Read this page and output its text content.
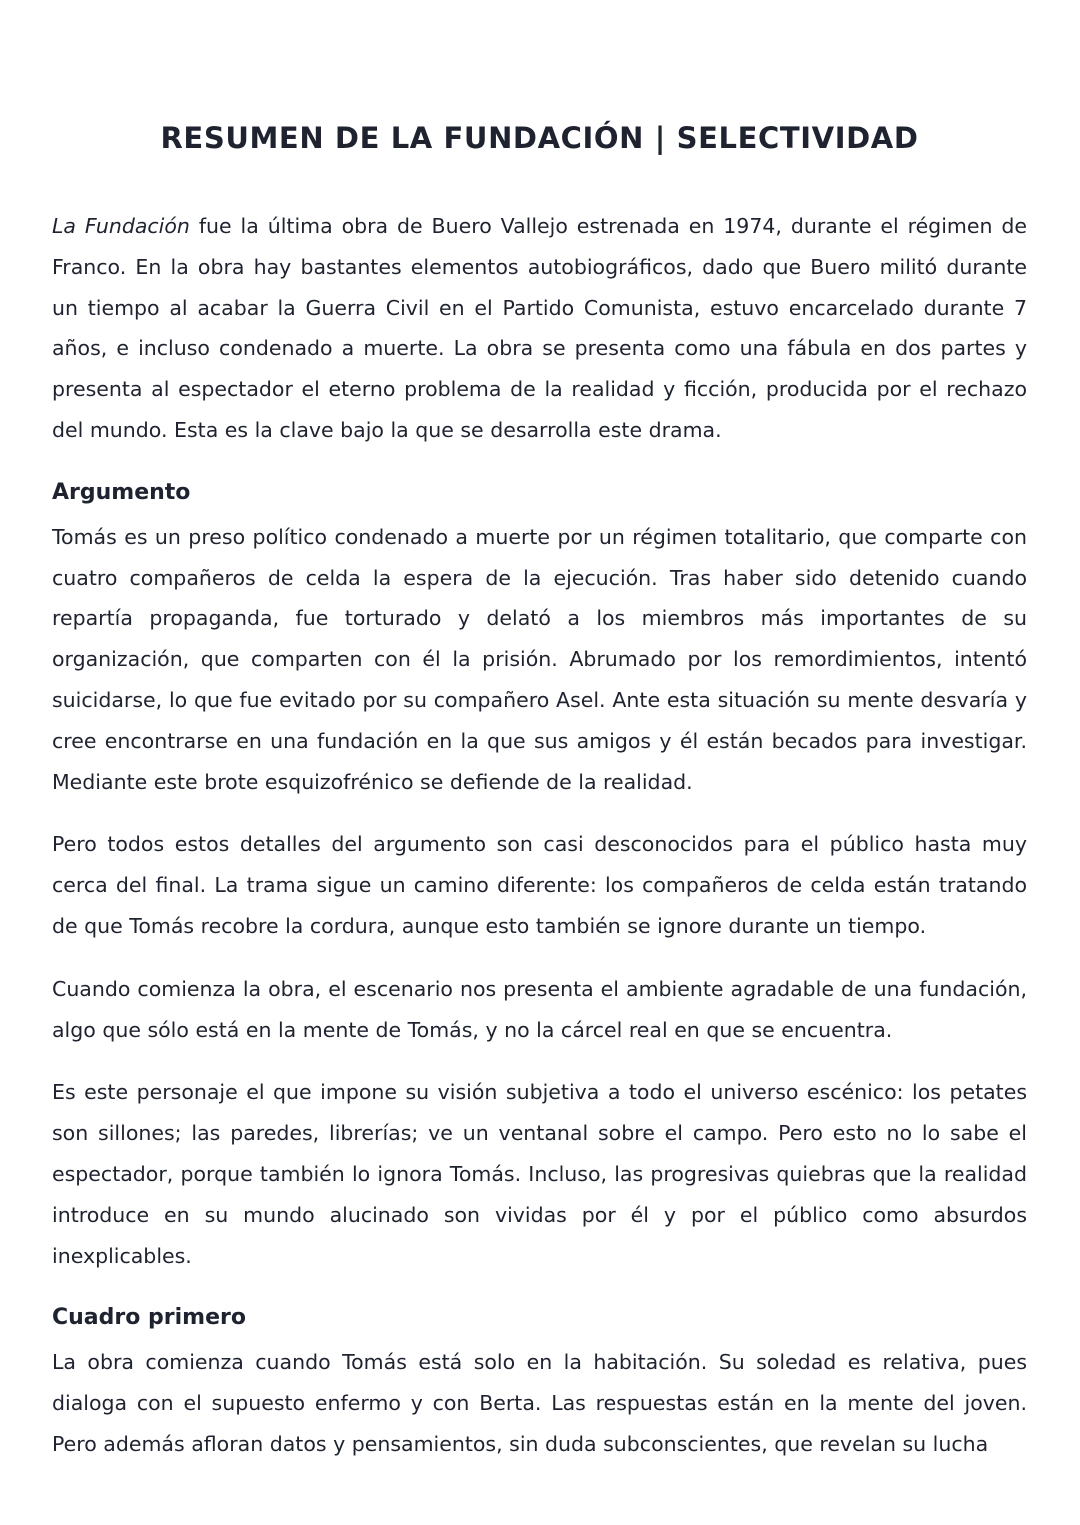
RESUMEN DE LA FUNDACIÓN | SELECTIVIDAD

La Fundación fue la última obra de Buero Vallejo estrenada en 1974, durante el régimen de Franco. En la obra hay bastantes elementos autobiográficos, dado que Buero militó durante un tiempo al acabar la Guerra Civil en el Partido Comunista, estuvo encarcelado durante 7 años, e incluso condenado a muerte. La obra se presenta como una fábula en dos partes y presenta al espectador el eterno problema de la realidad y ficción, producida por el rechazo del mundo. Esta es la clave bajo la que se desarrolla este drama.

Argumento

Tomás es un preso político condenado a muerte por un régimen totalitario, que comparte con cuatro compañeros de celda la espera de la ejecución. Tras haber sido detenido cuando repartía propaganda, fue torturado y delató a los miembros más importantes de su organización, que comparten con él la prisión. Abrumado por los remordimientos, intentó suicidarse, lo que fue evitado por su compañero Asel. Ante esta situación su mente desvaría y cree encontrarse en una fundación en la que sus amigos y él están becados para investigar. Mediante este brote esquizofrénico se defiende de la realidad.

Pero todos estos detalles del argumento son casi desconocidos para el público hasta muy cerca del final. La trama sigue un camino diferente: los compañeros de celda están tratando de que Tomás recobre la cordura, aunque esto también se ignore durante un tiempo.

Cuando comienza la obra, el escenario nos presenta el ambiente agradable de una fundación, algo que sólo está en la mente de Tomás, y no la cárcel real en que se encuentra.

Es este personaje el que impone su visión subjetiva a todo el universo escénico: los petates son sillones; las paredes, librerías; ve un ventanal sobre el campo. Pero esto no lo sabe el espectador, porque también lo ignora Tomás. Incluso, las progresivas quiebras que la realidad introduce en su mundo alucinado son vividas por él y por el público como absurdos inexplicables.

Cuadro primero

La obra comienza cuando Tomás está solo en la habitación. Su soledad es relativa, pues dialoga con el supuesto enfermo y con Berta. Las respuestas están en la mente del joven. Pero además afloran datos y pensamientos, sin duda subconscientes, que revelan su lucha
